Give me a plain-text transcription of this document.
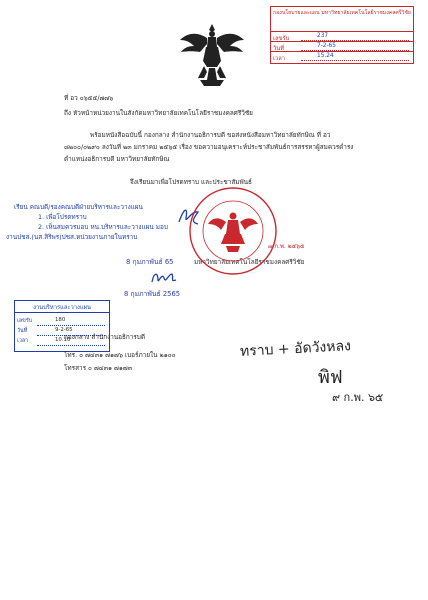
กองนโยบายและแผน มหาวิทยาลัยเทคโนโลยีราชมงคลศรีวิชัย
เลขรับ	237
วันที่	7-2-65
เวลา	15.24
ที่ อว ๐๖๕๕/๗๗๖
ถึง หัวหน้าหน่วยงานในสังกัดมหาวิทยาลัยเทคโนโลยีราชมงคลศรีวิชัย
พร้อมหนังสือฉบับนี้ กองกลาง สำนักงานอธิการบดี ขอส่งหนังสือมหาวิทยาลัยทักษิณ ที่ อว
๘๒๐๐/๐๒๙๐ ลงวันที่ ๒๓ มกราคม ๒๕๖๕ เรื่อง ขอความอนุเคราะห์ประชาสัมพันธ์การสรรหาผู้สมควรดำรง
ตำแหน่งอธิการบดี มหาวิทยาลัยทักษิณ
จึงเรียนมาเพื่อโปรดทราบ และประชาสัมพันธ์
เรียน คณบดี/รองคณบดีฝ่ายบริหารและวางแผน
1. เพื่อโปรดทราบ
2. เห็นสมควรมอบ หน.บริหารและวางแผน มอบ
งานปชส.(นส.สิริพร)ปชส.หน่วยงานภายในทราบ
8 กุมภาพันธ์ 65	มหาวิทยาลัยเทคโนโลยีราชมงคลศรีวิชัย
8 กุมภาพันธ์ 2565
๗ ก.พ. ๒๕๖๕
งานบริหารและวางแผน
เลขรับ	180
วันที่	9-2-65
เวลา	10.10
กองกลาง สำนักงานอธิการบดี
โทร. ๐ ๗๔๓๑ ๗๑๗๖ เบอร์ภายใน ๒๑๐๐
โทรสาร ๐ ๗๔๓๑ ๗๑๗๓
ทราบ + อัดวังหลง
พิฟ
๙ ก.พ. ๖๕
